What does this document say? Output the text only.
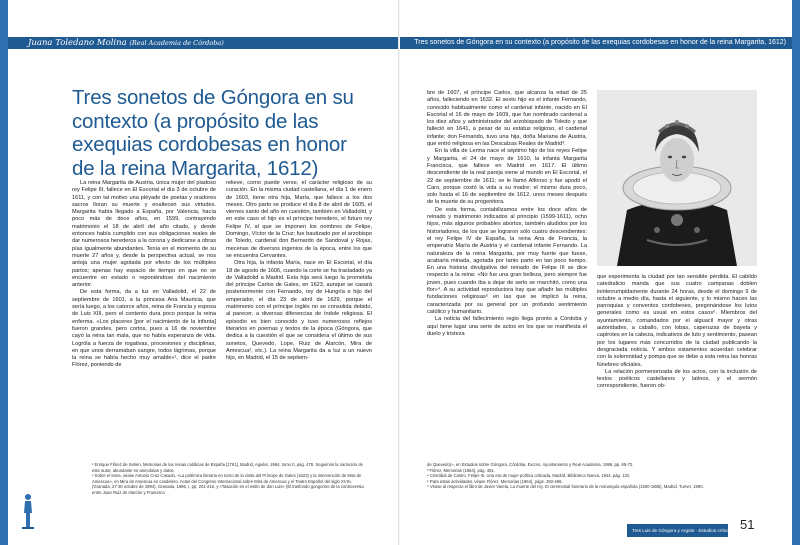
Juana Toledano Molina (Real Academia de Córdoba)
Tres sonetos de Góngora en su contexto (a propósito de las exequias cordobesas en honor de la reina Margarita, 1612)

La reina Margarita de Austria, única mujer del piadoso rey Felipe III, fallece en El Escorial el día 3 de octubre de 1611, y con tal motivo una pléyade de poetas y oradores sacros lloran su muerte y enaltecen sus virtudes. Margarita había llegado a España, por Valencia, hacía poco más de doce años, en 1599, contrayendo matrimonio el 18 de abril del año citado, y desde entonces había cumplido con sus obligaciones reales de dar numerosos herederos a la corona y dedicarse a obras pías igualmente abundantes. Tenía en el momento de su muerte 27 años y, desde la perspectiva actual, se nos antoja una mujer agotada por efecto de los múltiples partos; apenas hay espacio de tiempo en que no se encuentre en estado o reponiéndose del nacimiento anterior.

De esta forma, da a luz en Valladolid, el 22 de septiembre de 1601, a la princesa Ana Mauricia, que sería luego, a los catorce años, reina de Francia y esposa de Luis XIII, pero el contento dura poco porque la reina enferma. «Los placeres [por el nacimiento de la infanta] fueron grandes, pero cortos, pues a 16 de noviembre cayó la reina tan mala, que no había esperanza de vida. Logróla a fuerza de rogativas, procesiones y disciplinas, en que unos derramaban sangre, todos lágrimas, porque la reina se había hecho muy amable»¹, dice el padre Flórez, poniendo de

relieve, como puede verse, el carácter religioso de su curación. En la misma ciudad castellana, el día 1 de enero de 1603, tiene otra hija, María, que fallece a los dos meses. Otro parto se produce el día 8 de abril de 1605, el viernes santo del año en cuestión, también en Valladolid, y en este caso el hijo es el príncipe heredero, el futuro rey Felipe IV, al que se imponen los nombres de Felipe, Domingo, Víctor de la Cruz; fue bautizado por el arzobispo de Toledo, cardenal don Bernardo de Sandoval y Rojas, mecenas de diversos ingenios de la época, entre los que se encuentra Cervantes.

Otra hija, la infanta María, nace en El Escorial, el día 18 de agosto de 1606, cuando la corte se ha trasladado ya de Valladolid a Madrid. Esta hija será luego la prometida del príncipe Carlos de Gales, en 1623, aunque se casará posteriormente con Fernando, rey de Hungría e hijo del emperador, el día 23 de abril de 1629, porque el matrimonio con el príncipe inglés no se consolida debido, al parecer, a diversas diferencias de índole religiosa. El episodio es bien conocido y tuvo numerosos reflejos literarios en poemas y textos de la época (Góngora, que dedica a la cuestión el que se considera el último de sus sonetos, Quevedo, Lope, Ruiz de Alarcón, Mira de Amescua², etc.). La reina Margarita da a luz a un nuevo hijo, en Madrid, el 15 de septiem-

¹ Enrique Flórez de Setién, Memorias de las reinas católicas de España [1761], Madrid, Aguilar, 1964, tomo II, pág. 478. Seguimos la narración de este autor, abundante en anécdotas y datos.

² Sobre el tema, véase Antonio Cruz Casado, «La polémica literaria en torno de la visita del Príncipe de Gales (1623) y la intervención de Mira de Amescua», en Mira de Amescua en candelero. Actas del Congreso Internacional sobre Mira de Amescua y el Teatro Español del siglo XVII», (Granada, 27-30 octubre de 1994), Granada, 1996, I, pp. 201-215, y «Tasación en el estilo de don Luis» (El trasfondo gongorino de la controversia entre Juan Ruiz de Alarcón y Francisco

Tres sonetos de Góngora en su contexto (a propósito de las exequias cordobesas en honor de la reina Margarita, 1612)

bre de 1607, el príncipe Carlos, que alcanza la edad de 25 años, falleciendo en 1632. El sexto hijo es el infante Fernando, conocido habitualmente como el cardenal infante, nacido en El Escorial el 16 de mayo de 1609, que fue nombrado cardenal a los diez años y administrador del arzobispado de Toledo y que falleció en 1641, a pesar de su estatus religioso, el cardenal infante; don Fernando, tuvo una hija, doña Mariana de Austria, que entró religiosa en las Descalzas Reales de Madrid³.

En la villa de Lerma nace el séptimo hijo de los reyes Felipe y Margarita, el 24 de mayo de 1610, la infanta Margarita Francisca, que fallece en Madrid en 1617. El último descendiente de la real pareja viene al mundo en El Escorial, el 22 de septiembre de 1611; se le llamó Alfonso y fue apodó el Caro, porque costó la vida a su madre; el mismo dura poco, solo hasta el 16 de septiembre de 1612, unos meses después de la muerte de su progenitora.

De esta forma, contabilizamos entre los doce años de reinado y matrimonio indicados al principio (1599-1611), ocho hijos, más algunos probables abortos, también aludidos por los historiadores, de los que se lograron sólo cuatro descendientes: el rey Felipe IV de España, la reina Ana de Francia, la emperatriz María de Austria y el cardenal infante Fernando. La naturaleza de la reina Margarita, por muy fuerte que fuese, acabaría minada, agotada por tanto parto en tan poco tiempo. En una historia divulgativa del reinado de Felipe III se dice respecto a la reina: «No fue una gran belleza, pero siempre fue joven, pues cuando iba a dejar de serlo se marchitó, como una flor»⁴. A su actividad reproductora hay que añadir las múltiples fundaciones religiosas⁵ en las que se implicó la reina, caracterizada por su general por un profundo sentimiento católico y humanitario.

La noticia del fallecimiento regio llega pronto a Córdoba y aquí tiene lugar una serie de actos en los que se manifiesta el duelo y tristeza

que experimenta la ciudad por tan sensible pérdida. El cabildo catedralicio manda que sus cuatro campanas doblen ininterrumpidamente durante 24 horas, desde el domingo 9 de octubre a medio día, hasta el siguiente, y lo mismo hacen las parroquias y conventos cordobeses, pregonándose los lutos generales como es usual en estos casos⁶. Miembros del ayuntamiento, comandados por el alguacil mayor y otras autoridades, a caballo, con lobas, caperuzas de bayeta y capirotes en la cabeza, indicativos de luto y sentimiento, pasean por los lugares más concurridos de la ciudad publicando la desgraciada noticia. Y ambos estamentos acuerdan celebrar con la solemnidad y pompa que se debe a esta reina las honras fúnebres oficiales.

La relación pormenorizada de los actos, con la inclusión de textos poéticos castellanos y latinos, y el sermón correspondiente, fueron ob-

de Quevedo)», en Estudios sobre Góngora, Córdoba, Excmo. Ayuntamiento y Real Academia, 1996, pp. 65-72.

³ Flórez, Memorias (1964), pág. 481.

⁴ Cristóbal de Castro, Felipe III. Una era de mujer política criticada, Madrid, Biblioteca Nueva, 1944, pág. 132.

⁵ Para estas actividades, véase Flórez, Memorias (1964), págs. 482-486.

⁶ Véase al respecto el libro de Javier Varela, La muerte del rey. El ceremonial funerario de la monarquía española (1500-1885), Madrid, Turner, 1990.

Tres Luis de Góngora y Argote · Estudios críticos 51
